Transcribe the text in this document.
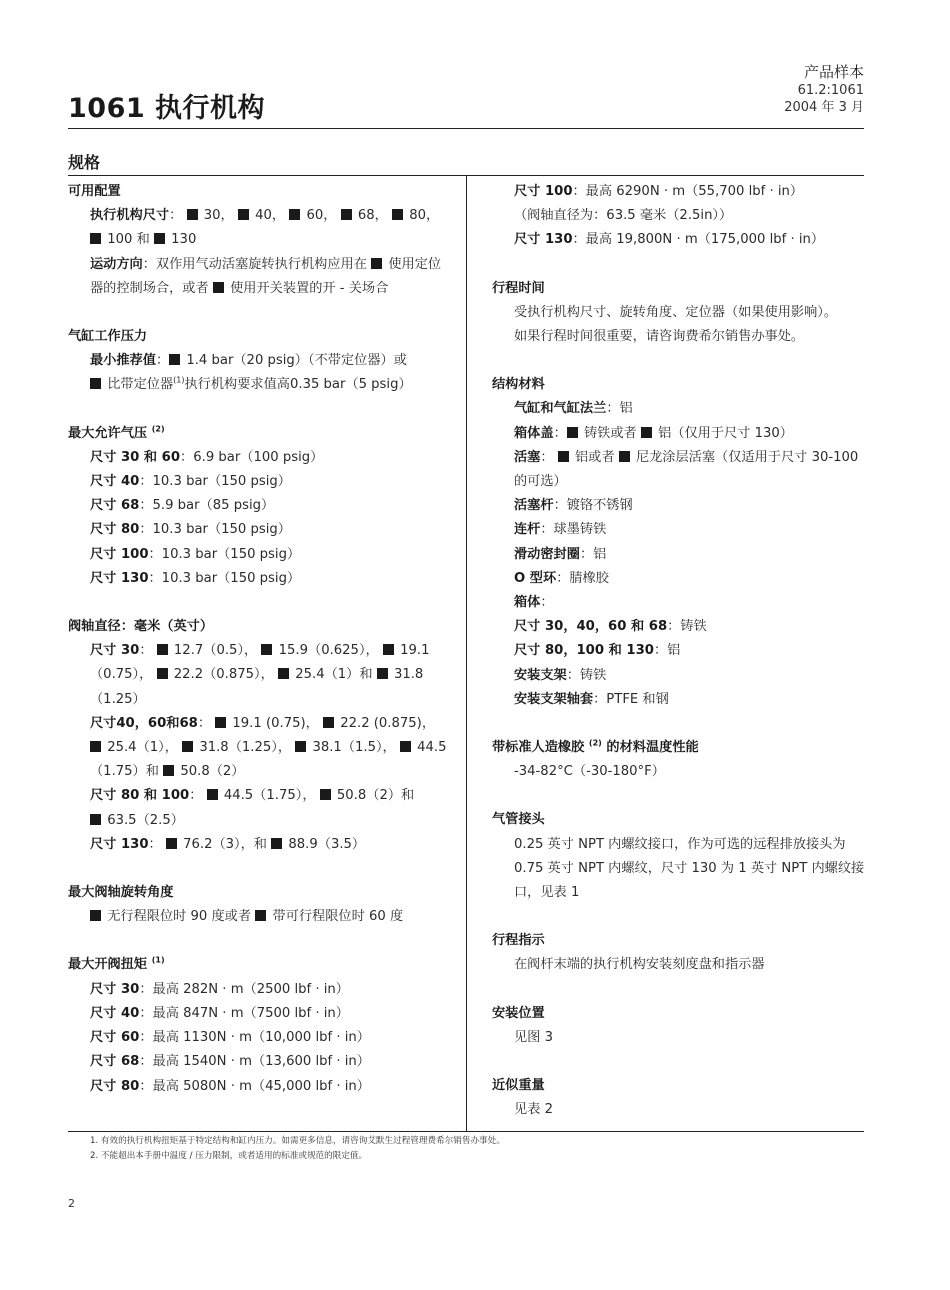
产品样本
61.2:1061
2004 年 3 月
1061 执行机构
规格
可用配置
执行机构尺寸： 30， 40， 60， 68， 80，
100 和 130
运动方向：双作用气动活塞旋转执行机构应用在 使用定位器的控制场合，或者 使用开关装置的开 - 关场合
气缸工作压力
最小推荐值： 1.4 bar（20 psig）（不带定位器）或
比带定位器$^{(1)}$执行机构要求值高0.35 bar（5 psig）
最大允许气压 $^{(2)}$
尺寸 30 和 60：6.9 bar（100 psig）
尺寸 40：10.3 bar（150 psig）
尺寸 68：5.9 bar（85 psig）
尺寸 80：10.3 bar（150 psig）
尺寸 100：10.3 bar（150 psig）
尺寸 130：10.3 bar（150 psig）
阀轴直径：毫米（英寸）
尺寸 30： 12.7（0.5）， 15.9（0.625）， 19.1（0.75）， 22.2（0.875）， 25.4（1）和 31.8（1.25）
尺寸40，60和68： 19.1 (0.75)， 22.2 (0.875)，  25.4（1）， 31.8（1.25）， 38.1（1.5）， 44.5（1.75）和 50.8（2）
尺寸 80 和 100： 44.5（1.75）， 50.8（2）和
63.5（2.5）
尺寸 130： 76.2（3），和 88.9（3.5）
最大阀轴旋转角度
无行程限位时 90 度或者 带可行程限位时 60 度
最大开阀扭矩 $^{(1)}$
尺寸 30：最高 282N · m（2500 lbf · in）
尺寸 40：最高 847N · m（7500 lbf · in）
尺寸 60：最高 1130N · m（10,000 lbf · in）
尺寸 68：最高 1540N · m（13,600 lbf · in）
尺寸 80：最高 5080N · m（45,000 lbf · in）
尺寸 100：最高 6290N · m（55,700 lbf · in）
（阀轴直径为：63.5 毫米（2.5in））
尺寸 130：最高 19,800N · m（175,000 lbf · in）
行程时间
受执行机构尺寸、旋转角度、定位器（如果使用影响）。
如果行程时间很重要，请咨询费希尔销售办事处。
结构材料
气缸和气缸法兰：铝
箱体盖： 铸铁或者 铝（仅用于尺寸 130）
活塞： 铝或者 尼龙涂层活塞（仅适用于尺寸 30-100 的可选）
活塞杆：镀铬不锈钢
连杆：球墨铸铁
滑动密封圈：铝
O 型环：腈橡胶
箱体：
尺寸 30，40，60 和 68：铸铁
尺寸 80，100 和 130：铝
安装支架：铸铁
安装支架轴套：PTFE 和钢
带标准人造橡胶 $^{(2)}$ 的材料温度性能
-34-82°C（-30-180°F）
气管接头
0.25 英寸 NPT 内螺纹接口，作为可选的远程排放接头为 0.75 英寸 NPT 内螺纹，尺寸 130 为 1 英寸 NPT 内螺纹接口，见表 1
行程指示
在阀杆末端的执行机构安装刻度盘和指示器
安装位置
见图 3
近似重量
见表 2
1. 有效的执行机构扭矩基于特定结构和缸内压力。如需更多信息，请咨询艾默生过程管理费希尔销售办事处。
2. 不能超出本手册中温度 / 压力限制，或者适用的标准或规范的限定值。
2
